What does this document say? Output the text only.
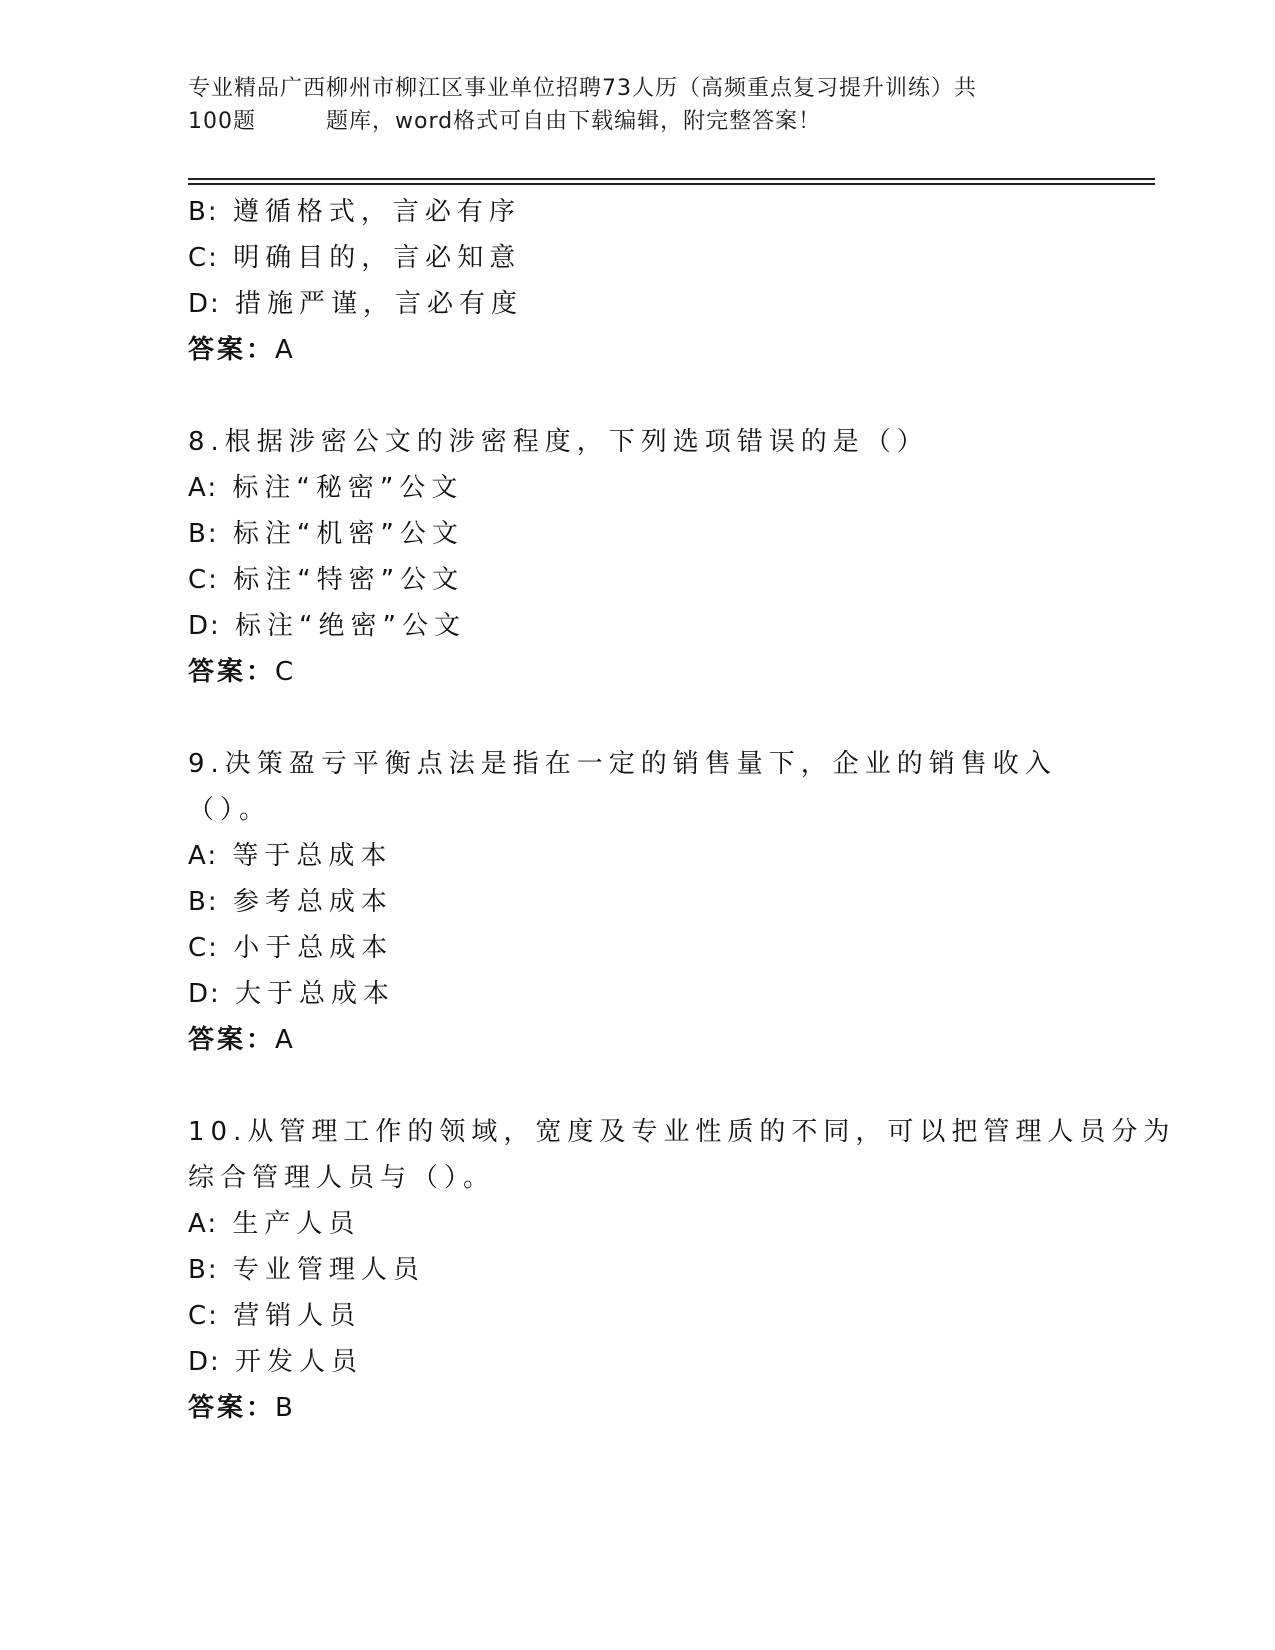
专业精品广西柳州市柳江区事业单位招聘73人历（高频重点复习提升训练）共
100题	题库，word格式可自由下载编辑，附完整答案！
B: 遵循格式，言必有序
C: 明确目的，言必知意
D: 措施严谨，言必有度
答案：A
8.根据涉密公文的涉密程度，下列选项错误的是（）
A: 标注“秘密”公文
B: 标注“机密”公文
C: 标注“特密”公文
D: 标注“绝密”公文
答案：C
9.决策盈亏平衡点法是指在一定的销售量下，企业的销售收入（）。
A: 等于总成本
B: 参考总成本
C: 小于总成本
D: 大于总成本
答案：A
10.从管理工作的领域，宽度及专业性质的不同，可以把管理人员分为
综合管理人员与（）。
A: 生产人员
B: 专业管理人员
C: 营销人员
D: 开发人员
答案：B
